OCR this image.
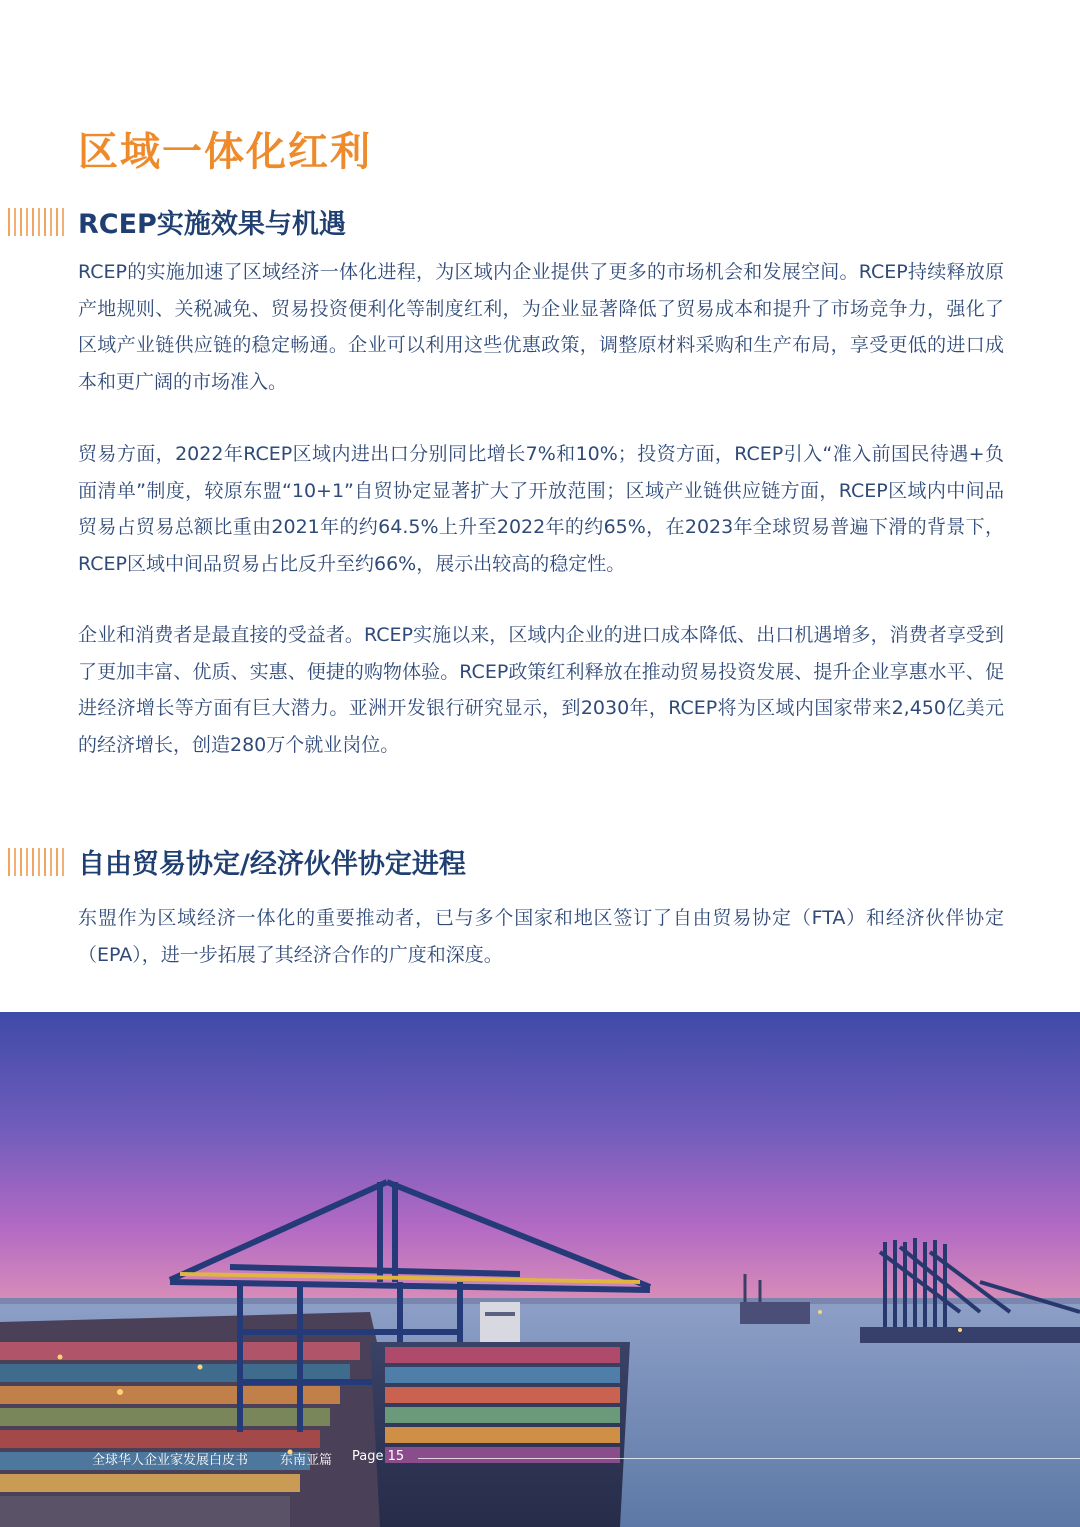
区域一体化红利
RCEP实施效果与机遇

RCEP的实施加速了区域经济一体化进程，为区域内企业提供了更多的市场机会和发展空间。RCEP持续释放原产地规则、关税减免、贸易投资便利化等制度红利，为企业显著降低了贸易成本和提升了市场竞争力，强化了区域产业链供应链的稳定畅通。企业可以利用这些优惠政策，调整原材料采购和生产布局，享受更低的进口成本和更广阔的市场准入。

贸易方面，2022年RCEP区域内进出口分别同比增长7%和10%；投资方面，RCEP引入“准入前国民待遇+负面清单”制度，较原东盟“10+1”自贸协定显著扩大了开放范围；区域产业链供应链方面，RCEP区域内中间品贸易占贸易总额比重由2021年的约64.5%上升至2022年的约65%，在2023年全球贸易普遍下滑的背景下，RCEP区域中间品贸易占比反升至约66%，展示出较高的稳定性。

企业和消费者是最直接的受益者。RCEP实施以来，区域内企业的进口成本降低、出口机遇增多，消费者享受到了更加丰富、优质、实惠、便捷的购物体验。RCEP政策红利释放在推动贸易投资发展、提升企业享惠水平、促进经济增长等方面有巨大潜力。亚洲开发银行研究显示，到2030年，RCEP将为区域内国家带来2,450亿美元的经济增长，创造280万个就业岗位。

自由贸易协定/经济伙伴协定进程

东盟作为区域经济一体化的重要推动者，已与多个国家和地区签订了自由贸易协定（FTA）和经济伙伴协定（EPA），进一步拓展了其经济合作的广度和深度。

全球华人企业家发展白皮书 东南亚篇 Page 15
